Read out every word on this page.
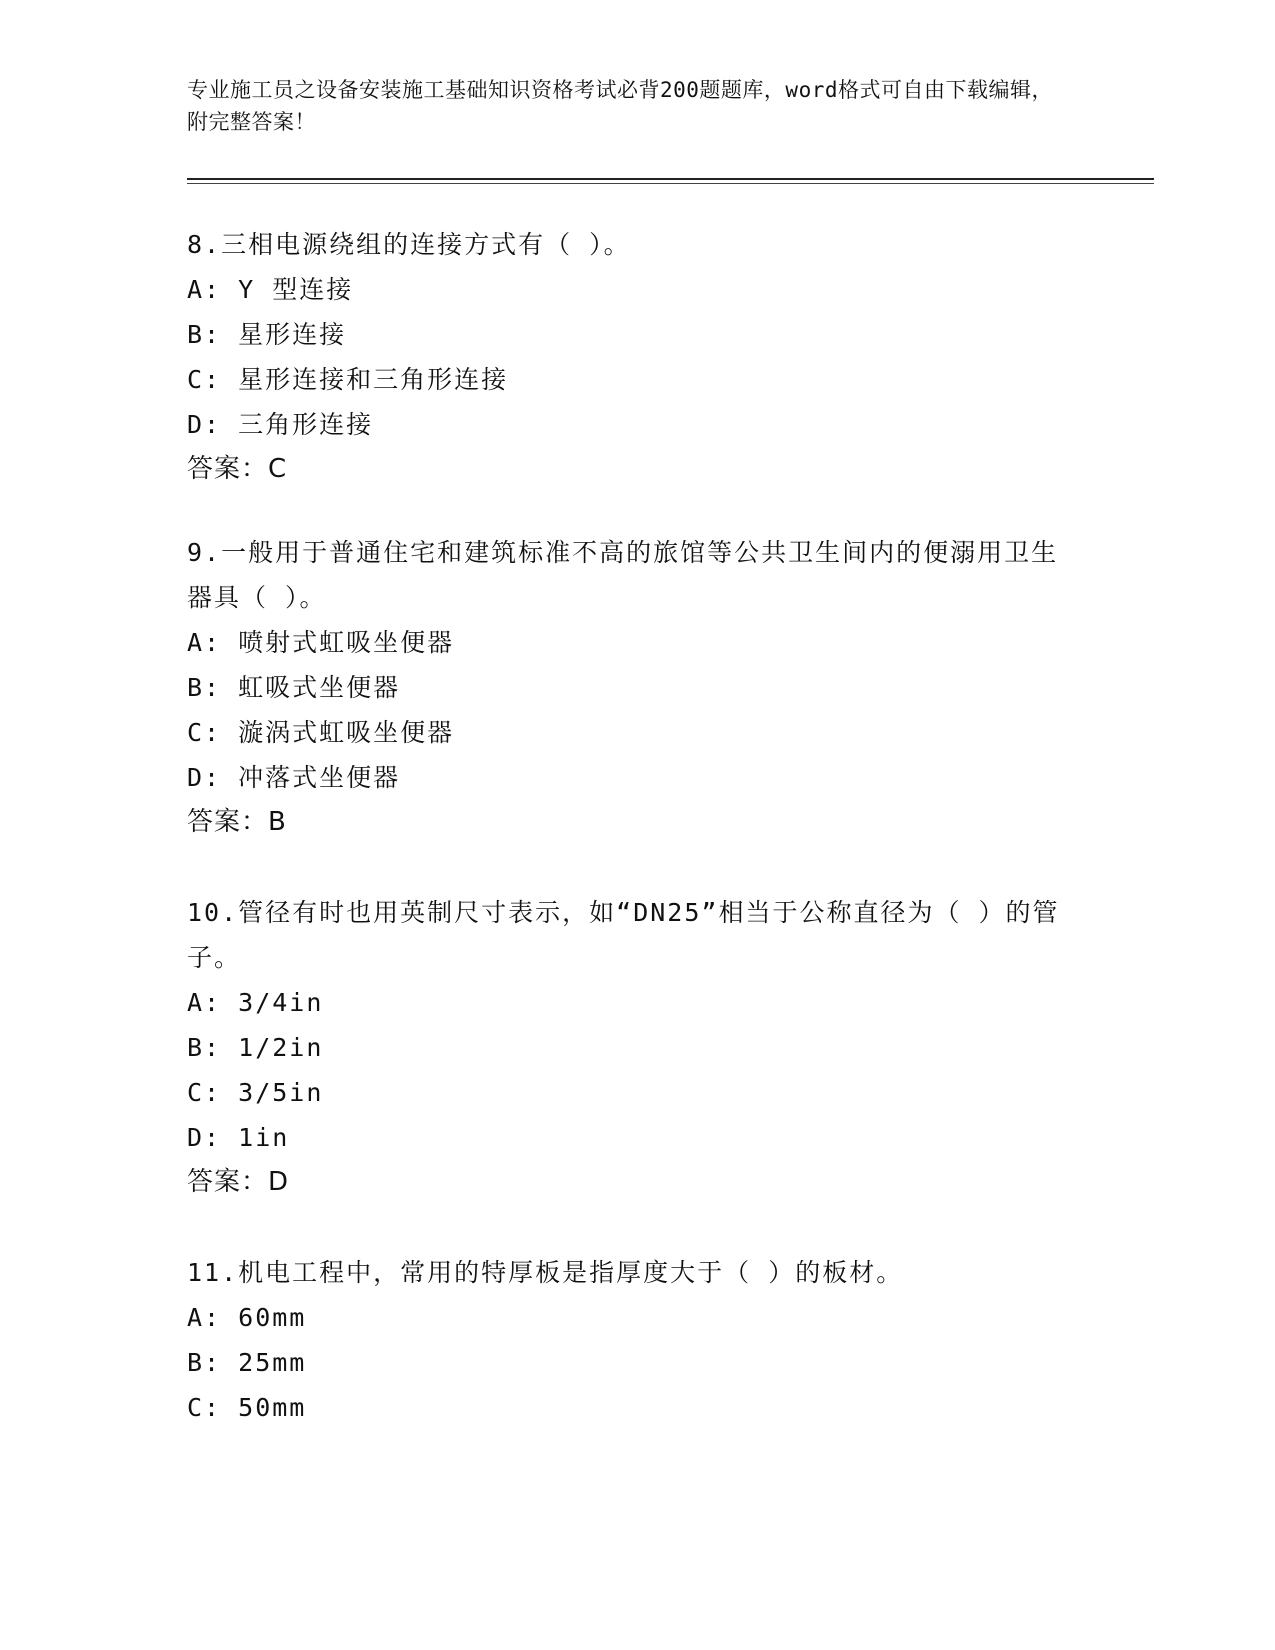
专业施工员之设备安装施工基础知识资格考试必背200题题库，word格式可自由下载编辑，附完整答案！

8.三相电源绕组的连接方式有（ ）。

A: Y 型连接

B: 星形连接

C: 星形连接和三角形连接

D: 三角形连接

答案：C

9.一般用于普通住宅和建筑标准不高的旅馆等公共卫生间内的便溺用卫生器具（ ）。

A: 喷射式虹吸坐便器

B: 虹吸式坐便器

C: 漩涡式虹吸坐便器

D: 冲落式坐便器

答案：B

10.管径有时也用英制尺寸表示，如“DN25”相当于公称直径为（ ）的管子。

A: 3/4in

B: 1/2in

C: 3/5in

D: 1in

答案：D

11.机电工程中，常用的特厚板是指厚度大于（ ）的板材。

A: 60mm

B: 25mm

C: 50mm
